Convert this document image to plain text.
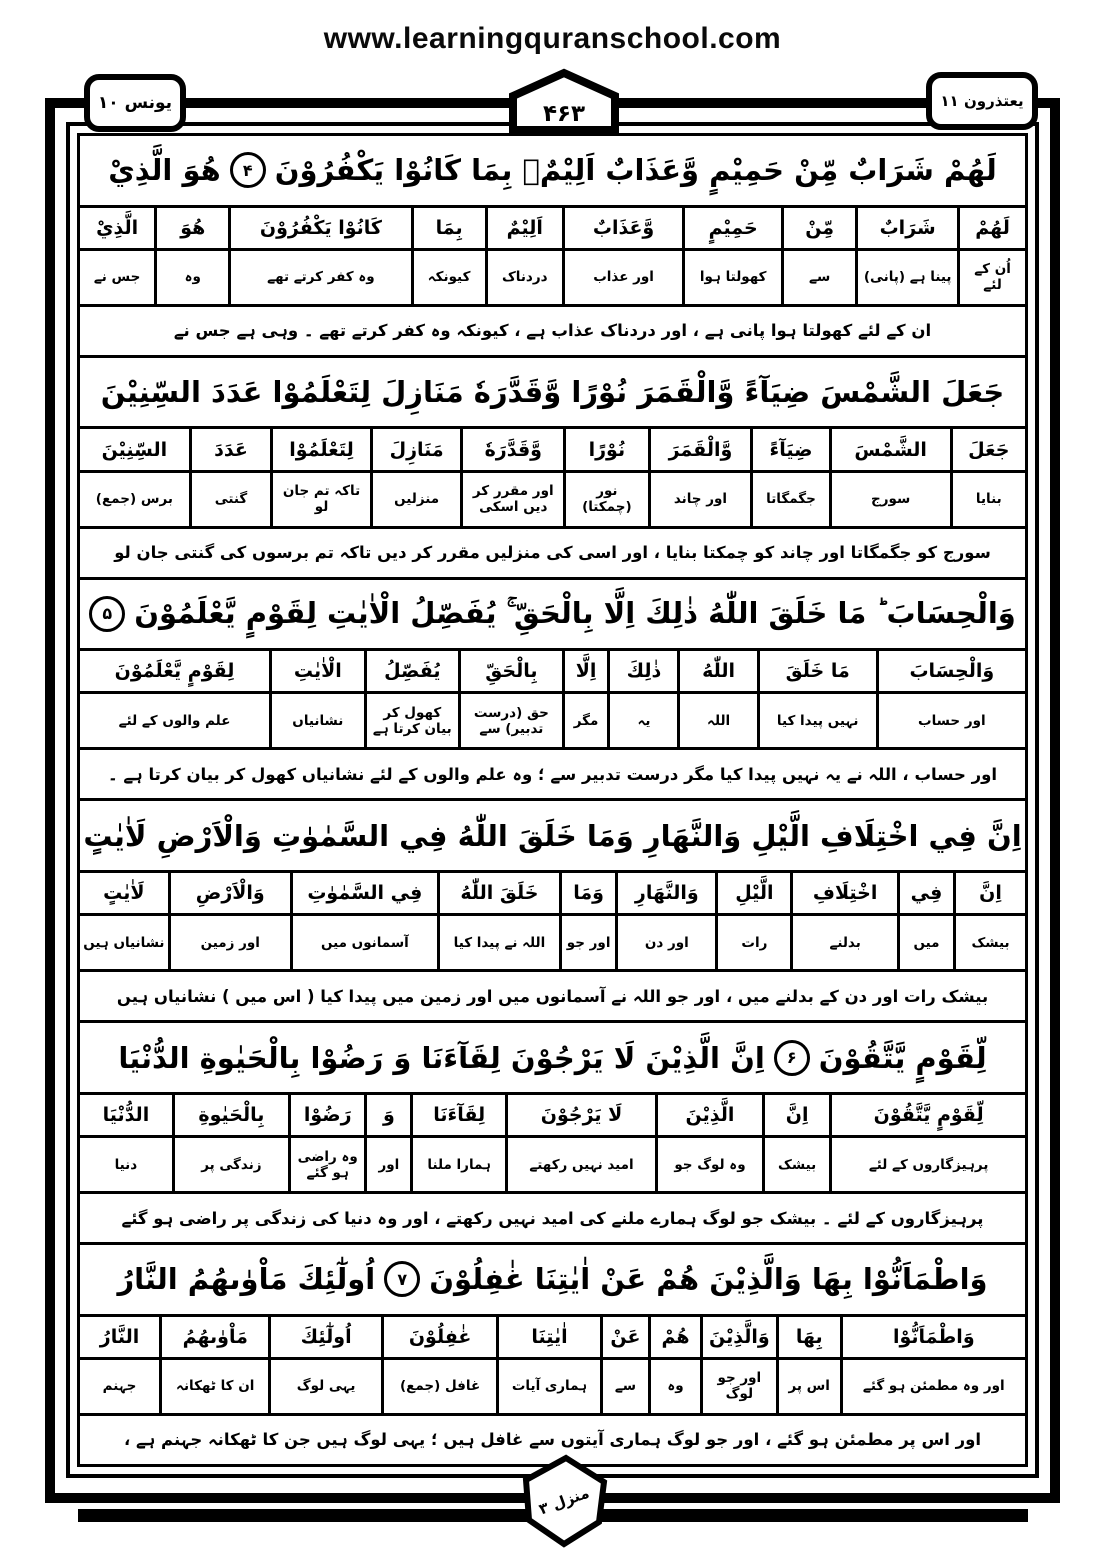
www.learningquranschool.com
یونس ۱۰	۴۶۳	یعتذرون ۱۱
منزل ۳
لَهُمْ شَرَابٌ مِّنْ حَمِيْمٍ وَّعَذَابٌ اَلِيْمٌۢ بِمَا كَانُوْا يَكْفُرُوْنَ
۴
هُوَ الَّذِيْ
لَهُمْ
اُن کے لئے
شَرَابٌ
پینا ہے (پانی)
مِّنْ
سے
حَمِيْمٍ
کھولتا ہوا
وَّعَذَابٌ
اور عذاب
اَلِيْمٌ
دردناک
بِمَا
کیونکہ
كَانُوْا يَكْفُرُوْنَ
وہ کفر کرتے تھے
هُوَ
وہ
الَّذِيْ
جس نے
ان کے لئے کھولتا ہوا پانی ہے ، اور دردناک عذاب ہے ، کیونکہ وہ کفر کرتے تھے ۔ وہی ہے جس نے
جَعَلَ الشَّمْسَ ضِيَآءً وَّالْقَمَرَ نُوْرًا وَّقَدَّرَهٗ مَنَازِلَ لِتَعْلَمُوْا عَدَدَ السِّنِيْنَ
جَعَلَ
بنایا
الشَّمْسَ
سورج
ضِيَآءً
جگمگاتا
وَّالْقَمَرَ
اور چاند
نُوْرًا
نور (چمکتا)
وَّقَدَّرَهٗ
اور مقرر کر دیں اسکی
مَنَازِلَ
منزلیں
لِتَعْلَمُوْا
تاکہ تم جان لو
عَدَدَ
گنتی
السِّنِيْنَ
برس (جمع)
سورج کو جگمگاتا اور چاند کو چمکتا بنایا ، اور اسی کی منزلیں مقرر کر دیں تاکہ تم برسوں کی گنتی جان لو
وَالْحِسَابَ ؕ مَا خَلَقَ اللّٰهُ ذٰلِكَ اِلَّا بِالْحَقِّ ۚ يُفَصِّلُ الْاٰيٰتِ لِقَوْمٍ يَّعْلَمُوْنَ
۵
وَالْحِسَابَ
اور حساب
مَا خَلَقَ
نہیں پیدا کیا
اللّٰهُ
اللہ
ذٰلِكَ
یہ
اِلَّا
مگر
بِالْحَقِّ
حق (درست تدبیر) سے
يُفَصِّلُ
کھول کر بیان کرتا ہے
الْاٰيٰتِ
نشانیاں
لِقَوْمٍ يَّعْلَمُوْنَ
علم والوں کے لئے
اور حساب ، اللہ نے یہ نہیں پیدا کیا مگر درست تدبیر سے ؛ وہ علم والوں کے لئے نشانیاں کھول کر بیان کرتا ہے ۔
اِنَّ فِي اخْتِلَافِ الَّيْلِ وَالنَّهَارِ وَمَا خَلَقَ اللّٰهُ فِي السَّمٰوٰتِ وَالْاَرْضِ لَاٰيٰتٍ
اِنَّ
بیشک
فِي
میں
اخْتِلَافِ
بدلنے
الَّيْلِ
رات
وَالنَّهَارِ
اور دن
وَمَا
اور جو
خَلَقَ اللّٰهُ
اللہ نے پیدا کیا
فِي السَّمٰوٰتِ
آسمانوں میں
وَالْاَرْضِ
اور زمین
لَاٰيٰتٍ
نشانیاں ہیں
بیشک رات اور دن کے بدلنے میں ، اور جو اللہ نے آسمانوں میں اور زمین میں پیدا کیا ( اس میں ) نشانیاں ہیں
لِّقَوْمٍ يَّتَّقُوْنَ
۶
اِنَّ الَّذِيْنَ لَا يَرْجُوْنَ لِقَآءَنَا وَ رَضُوْا بِالْحَيٰوةِ الدُّنْيَا
لِّقَوْمٍ يَّتَّقُوْنَ
پرہیزگاروں کے لئے
اِنَّ
بیشک
الَّذِيْنَ
وہ لوگ جو
لَا يَرْجُوْنَ
امید نہیں رکھتے
لِقَآءَنَا
ہمارا ملنا
وَ
اور
رَضُوْا
وہ راضی ہو گئے
بِالْحَيٰوةِ
زندگی پر
الدُّنْيَا
دنیا
پرہیزگاروں کے لئے ۔ بیشک جو لوگ ہمارے ملنے کی امید نہیں رکھتے ، اور وہ دنیا کی زندگی پر راضی ہو گئے
وَاطْمَاَنُّوْا بِهَا وَالَّذِيْنَ هُمْ عَنْ اٰيٰتِنَا غٰفِلُوْنَ
۷
اُولٰٓئِكَ مَاْوٰىهُمُ النَّارُ
وَاطْمَاَنُّوْا
اور وہ مطمئن ہو گئے
بِهَا
اس پر
وَالَّذِيْنَ
اور جو لوگ
هُمْ
وہ
عَنْ
سے
اٰيٰتِنَا
ہماری آیات
غٰفِلُوْنَ
غافل (جمع)
اُولٰٓئِكَ
یہی لوگ
مَاْوٰىهُمُ
ان کا ٹھکانہ
النَّارُ
جہنم
اور اس پر مطمئن ہو گئے ، اور جو لوگ ہماری آیتوں سے غافل ہیں ؛ یہی لوگ ہیں جن کا ٹھکانہ جہنم ہے ،
